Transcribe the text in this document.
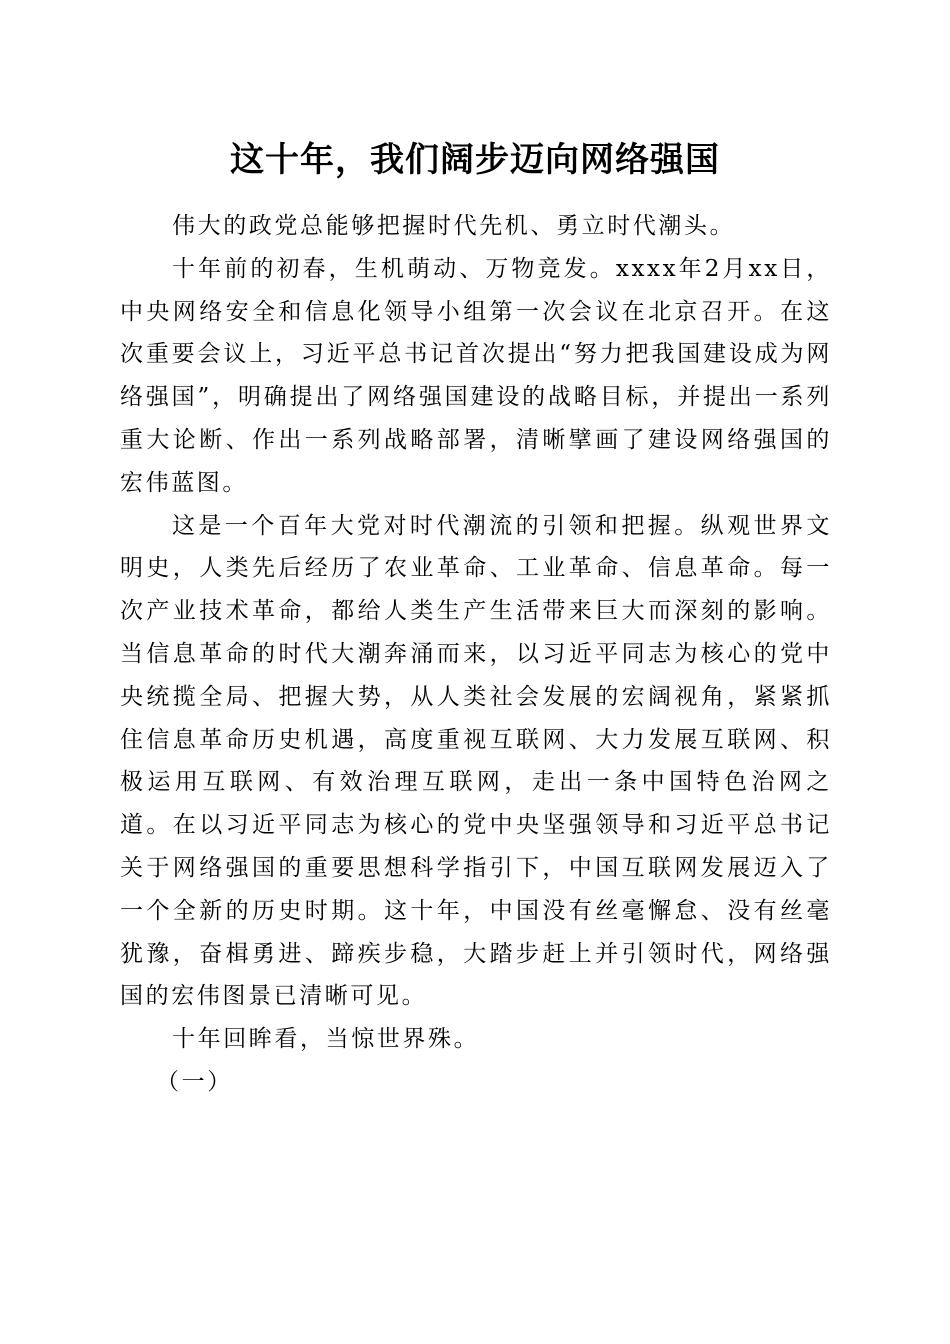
这十年，我们阔步迈向网络强国

伟大的政党总能够把握时代先机、勇立时代潮头。

十年前的初春，生机萌动、万物竞发。xxxx年2月xx日，中央网络安全和信息化领导小组第一次会议在北京召开。在这次重要会议上，习近平总书记首次提出“努力把我国建设成为网络强国”，明确提出了网络强国建设的战略目标，并提出一系列重大论断、作出一系列战略部署，清晰擘画了建设网络强国的宏伟蓝图。

这是一个百年大党对时代潮流的引领和把握。纵观世界文明史，人类先后经历了农业革命、工业革命、信息革命。每一次产业技术革命，都给人类生产生活带来巨大而深刻的影响。当信息革命的时代大潮奔涌而来，以习近平同志为核心的党中央统揽全局、把握大势，从人类社会发展的宏阔视角，紧紧抓住信息革命历史机遇，高度重视互联网、大力发展互联网、积极运用互联网、有效治理互联网，走出一条中国特色治网之道。在以习近平同志为核心的党中央坚强领导和习近平总书记关于网络强国的重要思想科学指引下，中国互联网发展迈入了一个全新的历史时期。这十年，中国没有丝毫懈怠、没有丝毫犹豫，奋楫勇进、蹄疾步稳，大踏步赶上并引领时代，网络强国的宏伟图景已清晰可见。

十年回眸看，当惊世界殊。

（一）
